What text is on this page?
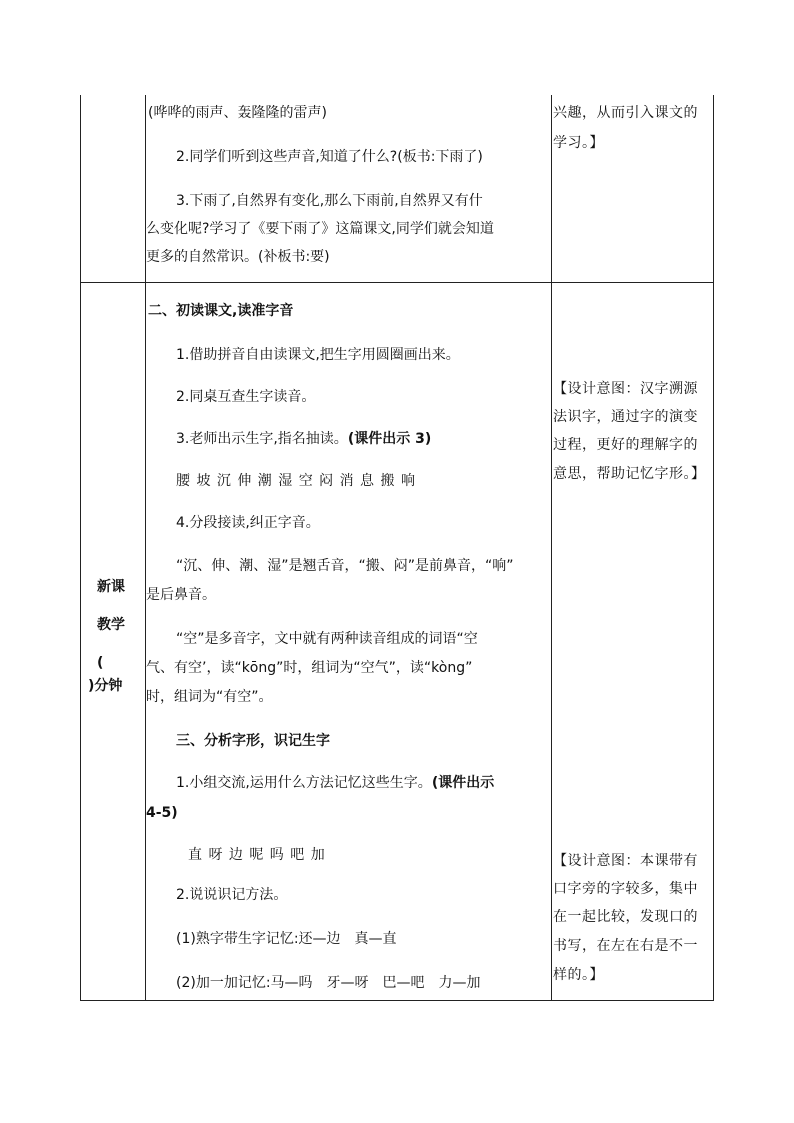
(哗哗的雨声、轰隆隆的雷声)
2.同学们听到这些声音,知道了什么?(板书:下雨了)
3.下雨了,自然界有变化,那么下雨前,自然界又有什
么变化呢?学习了《要下雨了》这篇课文,同学们就会知道
更多的自然常识。(补板书:要)
兴趣，从而引入课文的
学习。】
新课
教学
(
)分钟
二、初读课文,读准字音
1.借助拼音自由读课文,把生字用圆圈画出来。
2.同桌互查生字读音。
3.老师出示生字,指名抽读。(课件出示 3)
腰 坡 沉 伸 潮 湿 空 闷 消 息 搬 响
4.分段接读,纠正字音。
“沉、伸、潮、湿”是翘舌音，“搬、闷”是前鼻音，“响”
是后鼻音。
“空”是多音字，文中就有两种读音组成的词语“空
气、有空’，读“kōng”时，组词为“空气”，读“kòng”
时，组词为“有空”。
三、分析字形，识记生字
1.小组交流,运用什么方法记忆这些生字。(课件出示
4-5)
直 呀 边 呢 吗 吧 加
2.说说识记方法。
(1)熟字带生字记忆:还—边　真—直
(2)加一加记忆:马—吗　牙—呀　巴—吧　力—加
【设计意图：汉字溯源
法识字，通过字的演变
过程，更好的理解字的
意思，帮助记忆字形。】
【设计意图：本课带有
口字旁的字较多，集中
在一起比较，发现口的
书写，在左在右是不一
样的。】
